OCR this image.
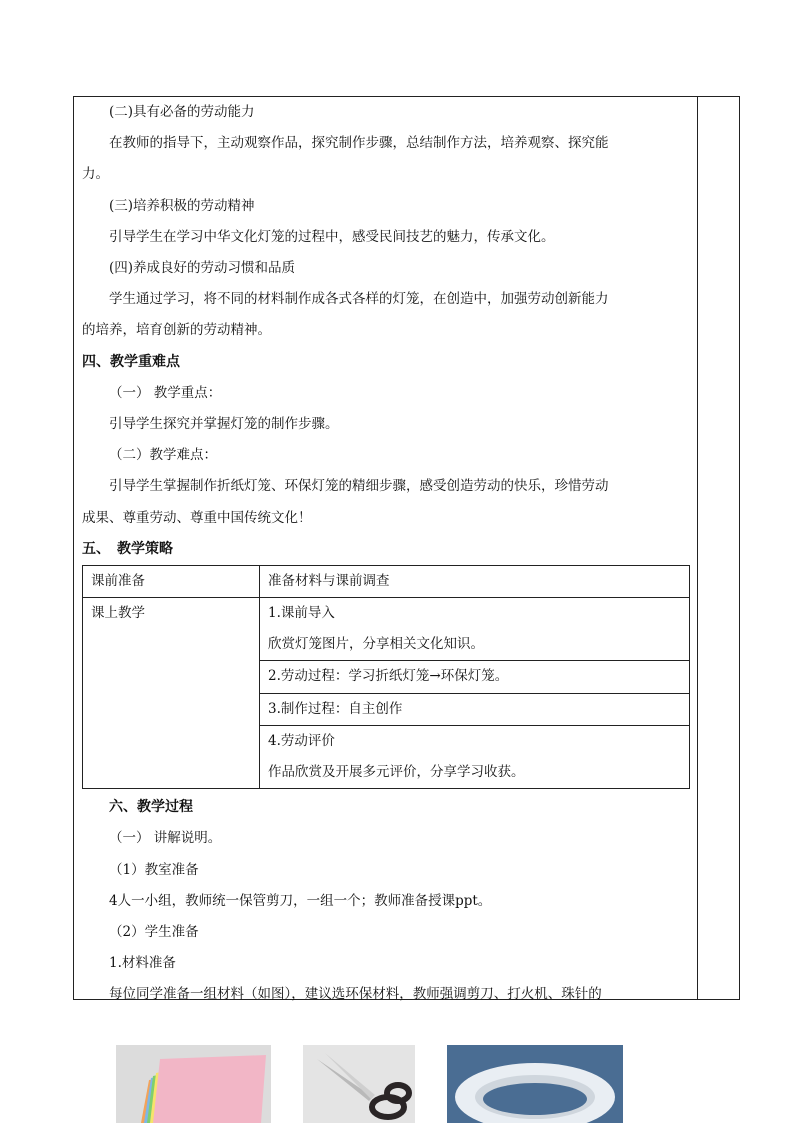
(二)具有必备的劳动能力
在教师的指导下，主动观察作品，探究制作步骤，总结制作方法，培养观察、探究能
力。
(三)培养积极的劳动精神
引导学生在学习中华文化灯笼的过程中，感受民间技艺的魅力，传承文化。
(四)养成良好的劳动习惯和品质
学生通过学习，将不同的材料制作成各式各样的灯笼，在创造中，加强劳动创新能力
的培养，培育创新的劳动精神。
四、教学重难点
（一） 教学重点：
引导学生探究并掌握灯笼的制作步骤。
（二）教学难点：
引导学生掌握制作折纸灯笼、环保灯笼的精细步骤，感受创造劳动的快乐，珍惜劳动
成果、尊重劳动、尊重中国传统文化！
五、　教学策略
课前准备	准备材料与课前调查
课上教学	1.课前导入
欣赏灯笼图片，分享相关文化知识。

	2.劳动过程：学习折纸灯笼→环保灯笼。
	3.制作过程：自主创作

	4.劳动评价
作品欣赏及开展多元评价，分享学习收获。
六、教学过程
（一） 讲解说明。
（1）教室准备
4人一小组，教师统一保管剪刀，一组一个；教师准备授课ppt。
（2）学生准备
1.材料准备
每位同学准备一组材料（如图），建议选环保材料，教师强调剪刀、打火机、珠针的
